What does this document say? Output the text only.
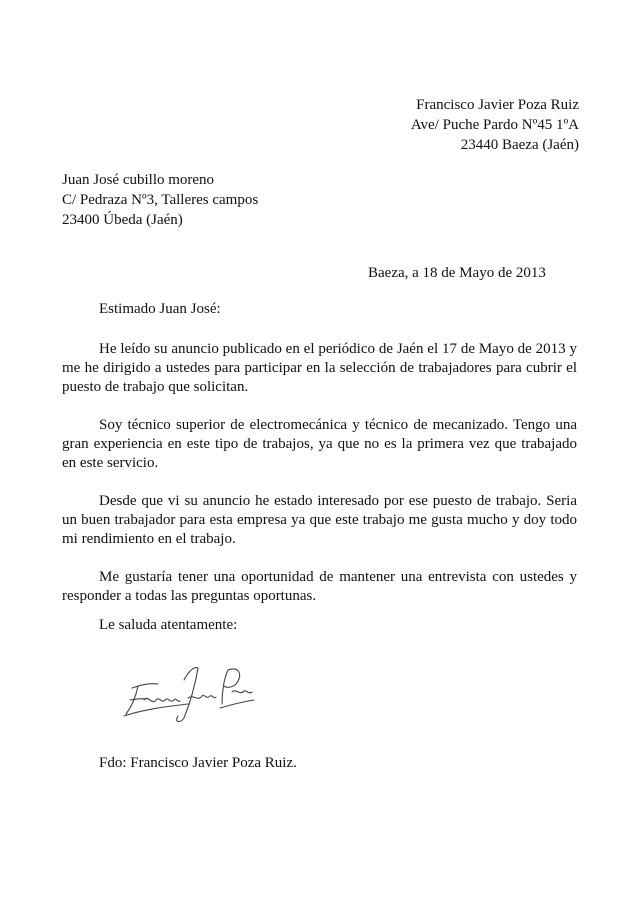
Francisco Javier Poza Ruiz
Ave/ Puche Pardo Nº45 1ºA
23440 Baeza (Jaén)
Juan José cubillo moreno
C/ Pedraza Nº3, Talleres campos
23400 Úbeda (Jaén)
Baeza, a 18 de Mayo de 2013
Estimado Juan José:

He leído su anuncio publicado en el periódico de Jaén el 17 de Mayo de 2013 y me he dirigido a ustedes para participar en la selección de trabajadores para cubrir el puesto de trabajo que solicitan.

Soy técnico superior de electromecánica y técnico de mecanizado. Tengo una gran experiencia en este tipo de trabajos, ya que no es la primera vez que trabajado en este servicio.

Desde que vi su anuncio he estado interesado por ese puesto de trabajo. Seria un buen trabajador para esta empresa ya que este trabajo me gusta mucho y doy todo mi rendimiento en el trabajo.

Me gustaría tener una oportunidad de mantener una entrevista con ustedes y responder a todas las preguntas oportunas.

Le saluda atentamente:
Fdo: Francisco Javier Poza Ruiz.
